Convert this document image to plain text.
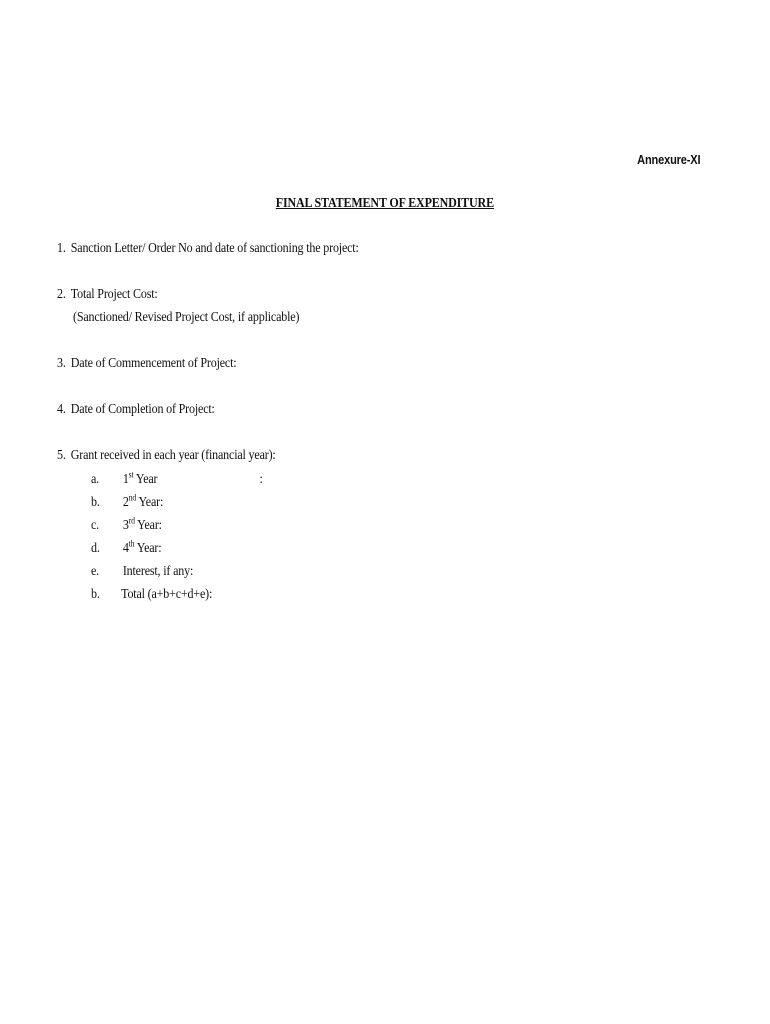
Annexure-XI
FINAL STATEMENT OF EXPENDITURE
1. Sanction Letter/ Order No and date of sanctioning the project:
2. Total Project Cost:
(Sanctioned/ Revised Project Cost, if applicable)
3. Date of Commencement of Project:
4. Date of Completion of Project:
5. Grant received in each year (financial year):
a. 1st Year	:
b. 2nd Year:
c. 3rd Year:
d. 4th Year:
e. Interest, if any:
b. Total (a+b+c+d+e):
